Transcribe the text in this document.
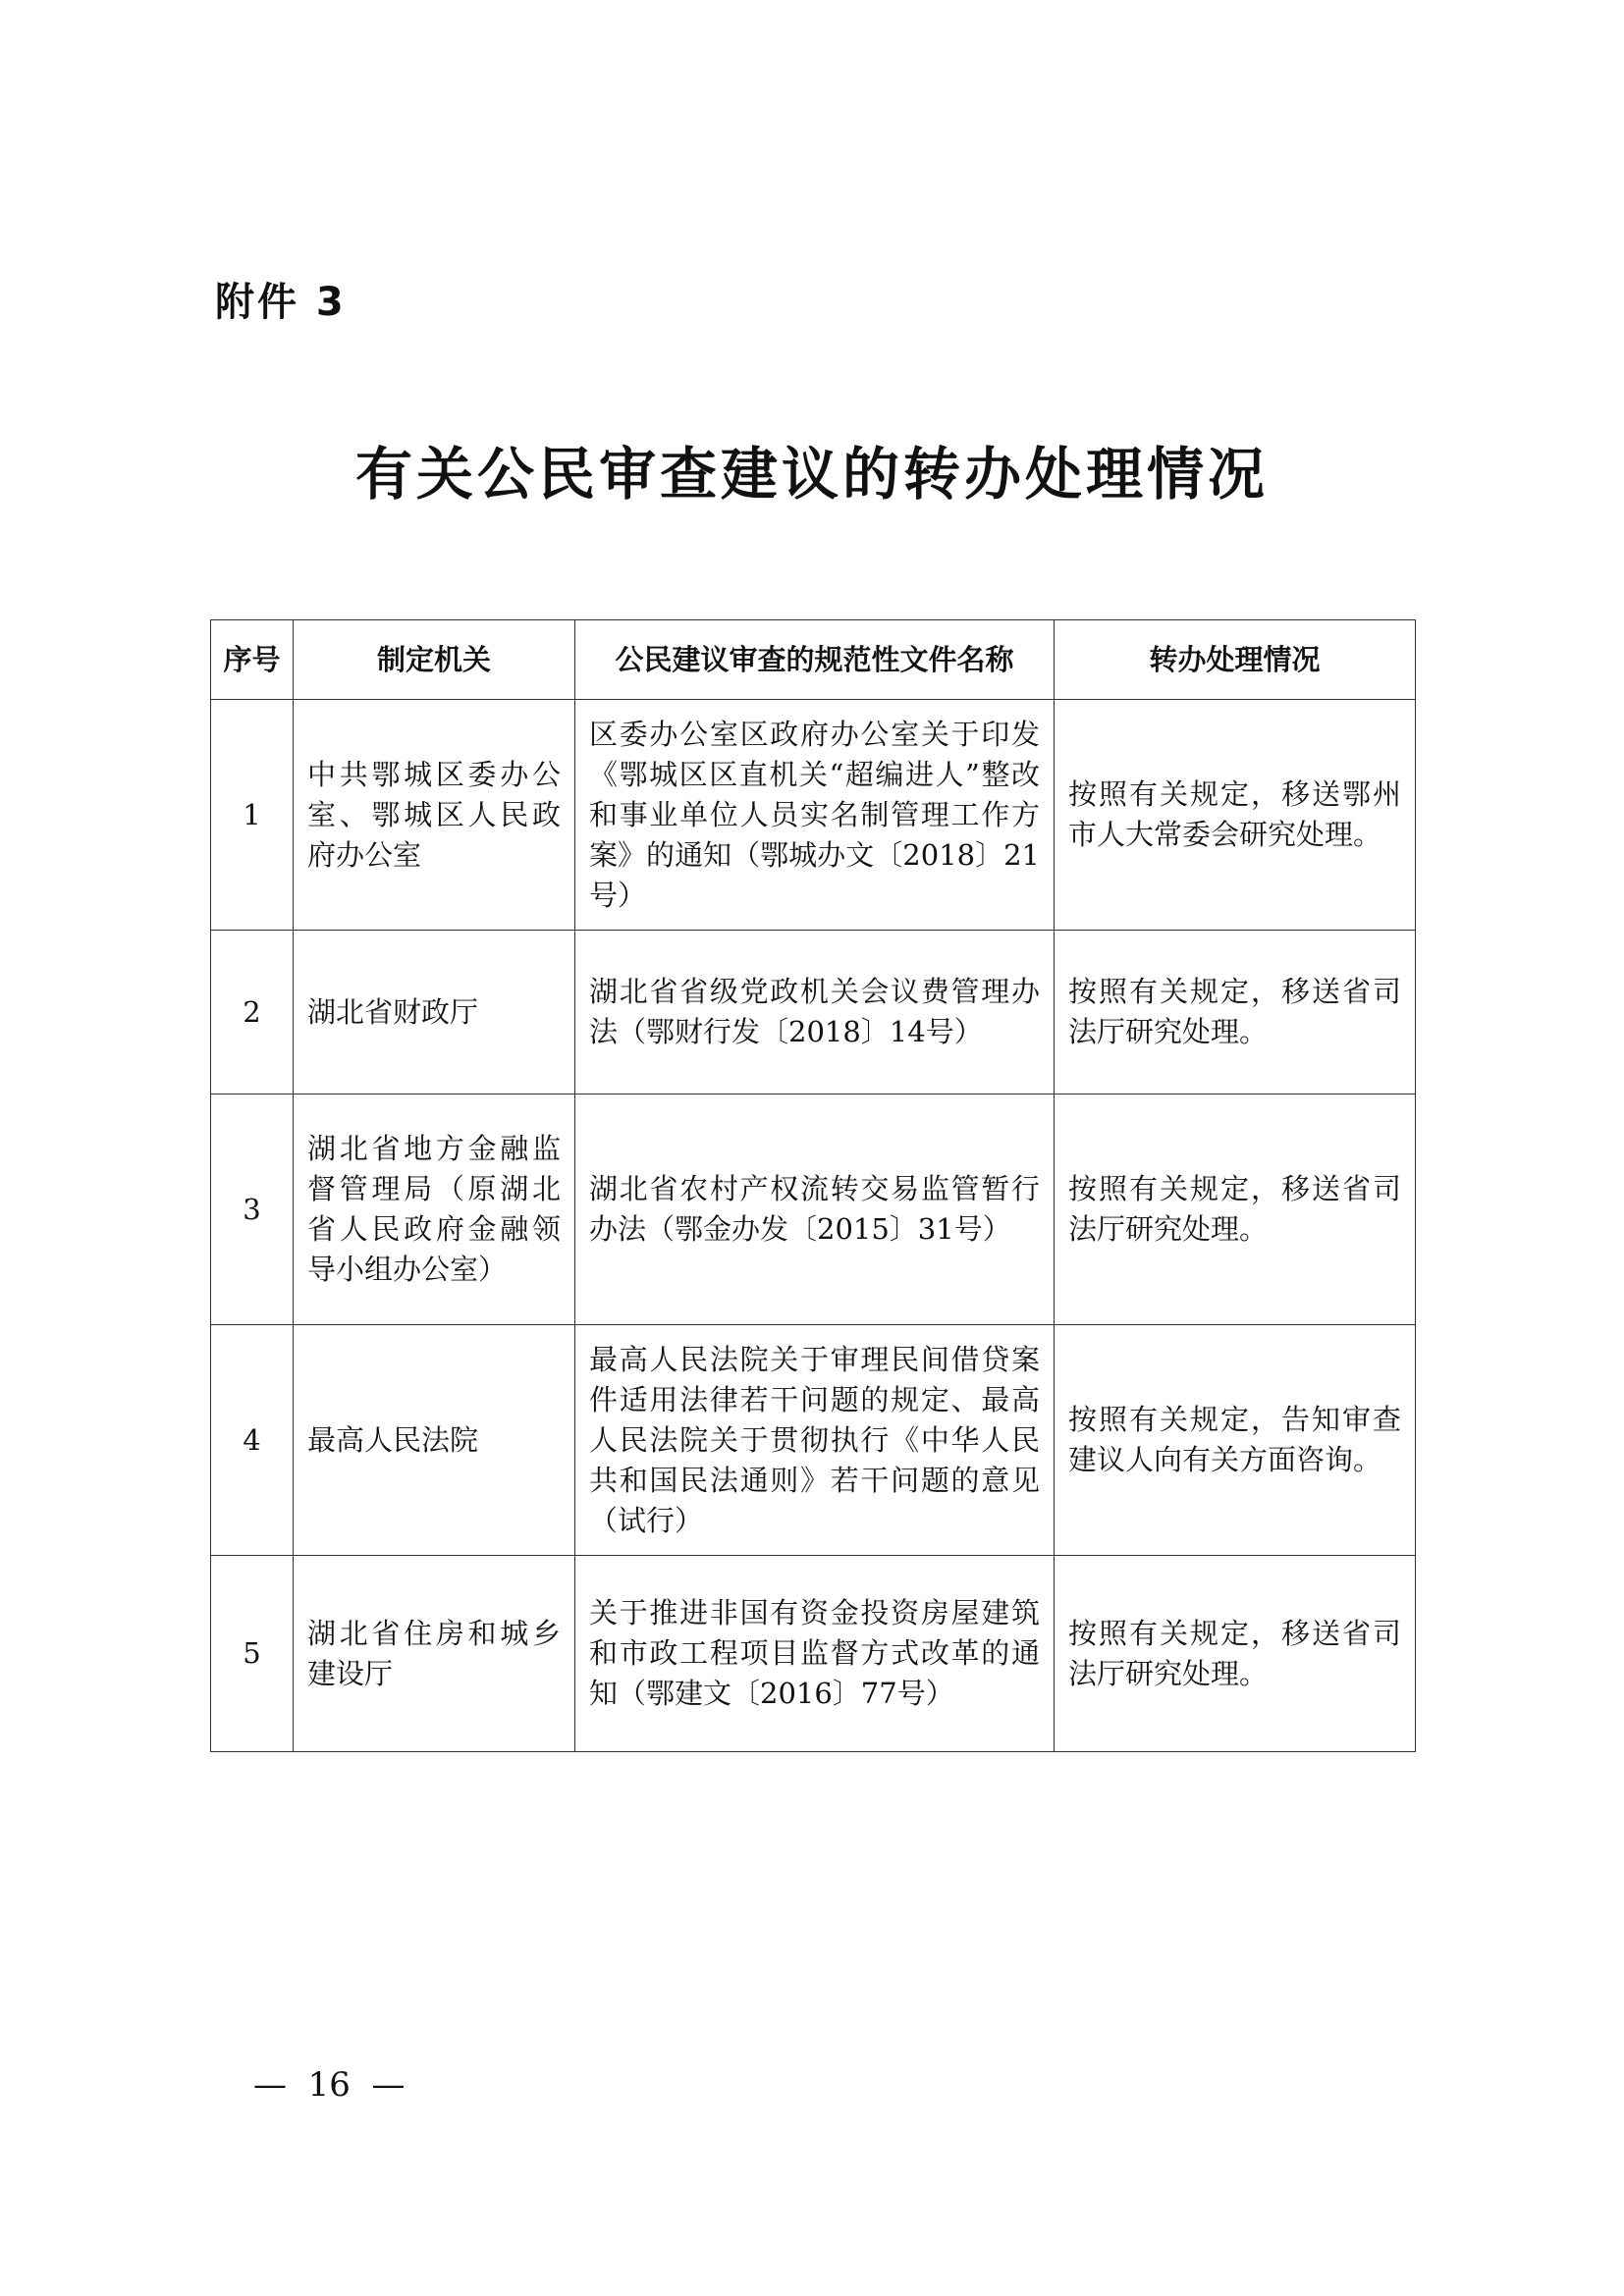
附件 3
有关公民审查建议的转办处理情况
序号	制定机关	公民建议审查的规范性文件名称	转办处理情况
1	中共鄂城区委办公室、鄂城区人民政府办公室	区委办公室区政府办公室关于印发《鄂城区区直机关“超编进人”整改和事业单位人员实名制管理工作方案》的通知（鄂城办文〔2018〕21号）	按照有关规定，移送鄂州市人大常委会研究处理。
2	湖北省财政厅	湖北省省级党政机关会议费管理办法（鄂财行发〔2018〕14号）	按照有关规定，移送省司法厅研究处理。
3	湖北省地方金融监督管理局（原湖北省人民政府金融领导小组办公室）	湖北省农村产权流转交易监管暂行办法（鄂金办发〔2015〕31号）	按照有关规定，移送省司法厅研究处理。
4	最高人民法院	最高人民法院关于审理民间借贷案件适用法律若干问题的规定、最高人民法院关于贯彻执行《中华人民共和国民法通则》若干问题的意见（试行）	按照有关规定，告知审查建议人向有关方面咨询。
5	湖北省住房和城乡建设厅	关于推进非国有资金投资房屋建筑和市政工程项目监督方式改革的通知（鄂建文〔2016〕77号）	按照有关规定，移送省司法厅研究处理。
—  16  —
